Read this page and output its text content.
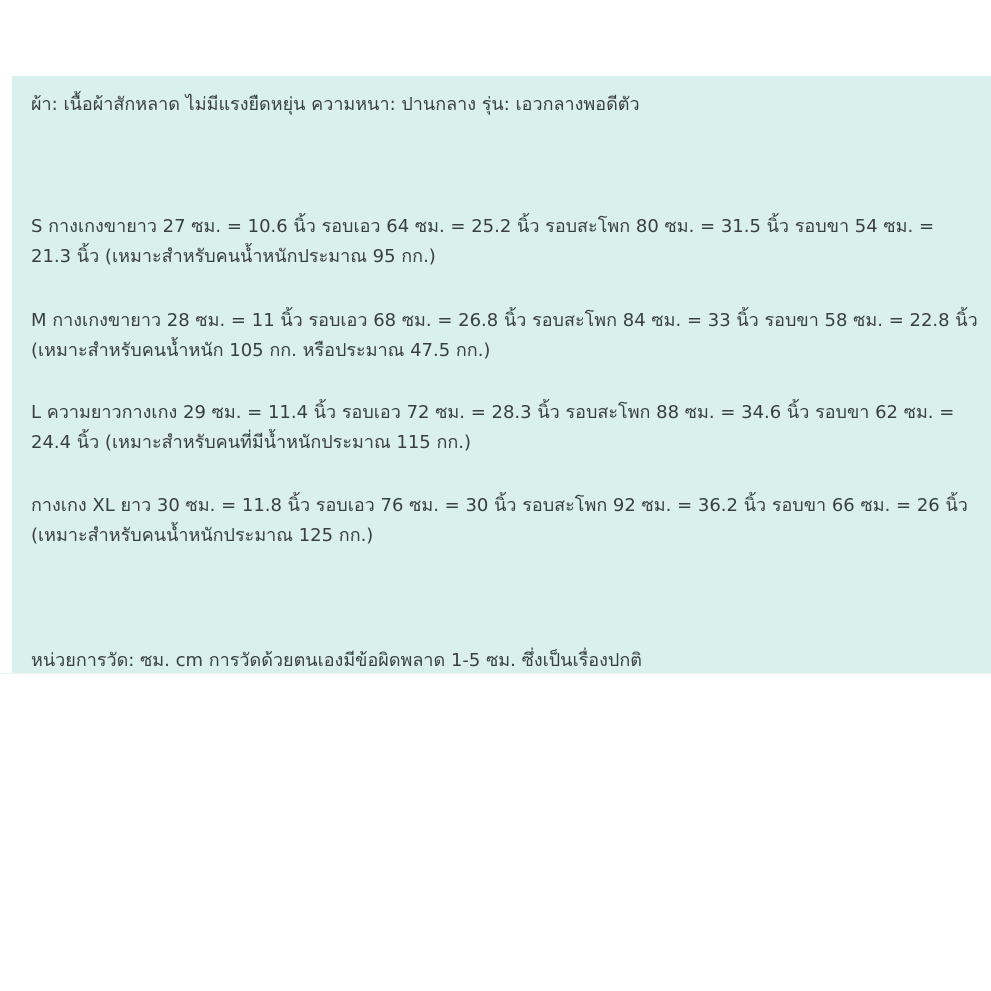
ผ้า: เนื้อผ้าสักหลาด ไม่มีแรงยืดหยุ่น ความหนา: ปานกลาง รุ่น: เอวกลางพอดีตัว
S กางเกงขายาว 27 ซม. = 10.6 นิ้ว รอบเอว 64 ซม. = 25.2 นิ้ว รอบสะโพก 80 ซม. = 31.5 นิ้ว รอบขา 54 ซม. = 21.3 นิ้ว (เหมาะสำหรับคนน้ำหนักประมาณ 95 กก.)
M กางเกงขายาว 28 ซม. = 11 นิ้ว รอบเอว 68 ซม. = 26.8 นิ้ว รอบสะโพก 84 ซม. = 33 นิ้ว รอบขา 58 ซม. = 22.8 นิ้ว (เหมาะสำหรับคนน้ำหนัก 105 กก. หรือประมาณ 47.5 กก.)
L ความยาวกางเกง 29 ซม. = 11.4 นิ้ว รอบเอว 72 ซม. = 28.3 นิ้ว รอบสะโพก 88 ซม. = 34.6 นิ้ว รอบขา 62 ซม. = 24.4 นิ้ว (เหมาะสำหรับคนที่มีน้ำหนักประมาณ 115 กก.)
กางเกง XL ยาว 30 ซม. = 11.8 นิ้ว รอบเอว 76 ซม. = 30 นิ้ว รอบสะโพก 92 ซม. = 36.2 นิ้ว รอบขา 66 ซม. = 26 นิ้ว (เหมาะสำหรับคนน้ำหนักประมาณ 125 กก.)
หน่วยการวัด: ซม. cm การวัดด้วยตนเองมีข้อผิดพลาด 1-5 ซม. ซึ่งเป็นเรื่องปกติ
